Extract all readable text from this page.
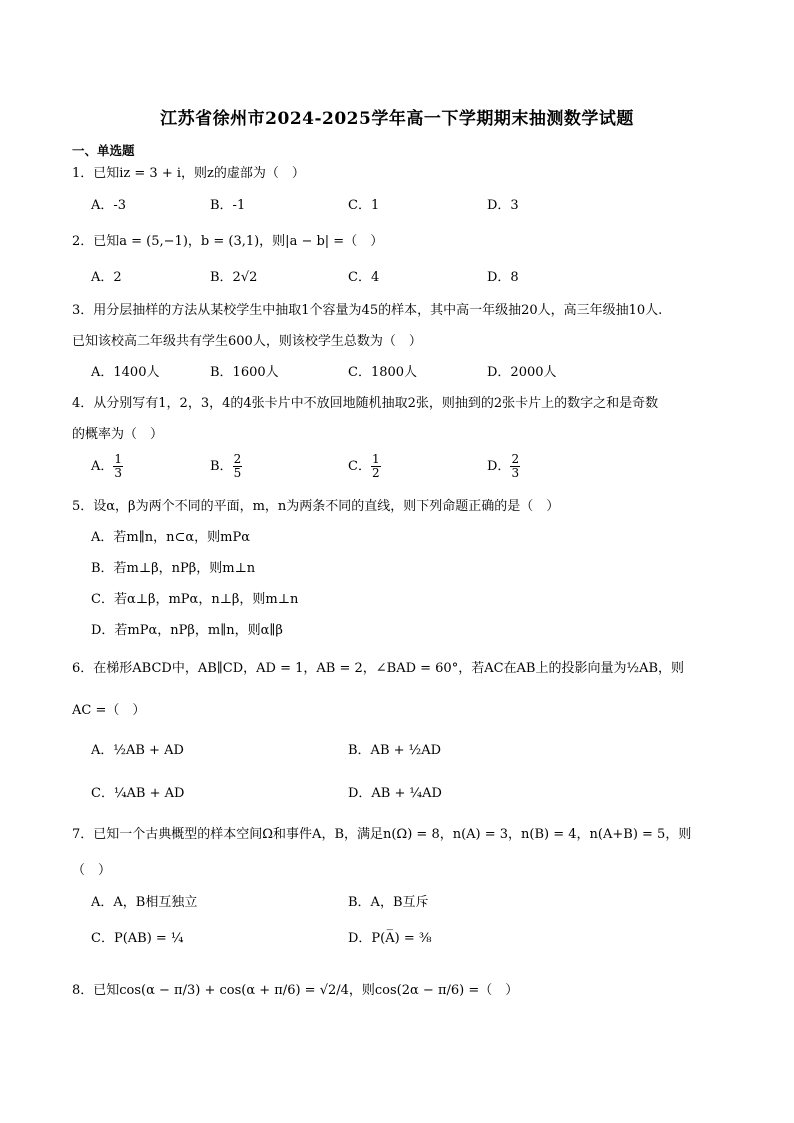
江苏省徐州市2024-2025学年高一下学期期末抽测数学试题
一、单选题
1．已知iz = 3 + i，则z的虚部为（　）
A．-3	B．-1	C．1	D．3
2．已知a = (5,−1)，b = (3,1)，则|a − b| =（　）
A．2	B．2√2	C．4	D．8
3．用分层抽样的方法从某校学生中抽取1个容量为45的样本，其中高一年级抽20人，高三年级抽10人.
已知该校高二年级共有学生600人，则该校学生总数为（　）
A．1400人	B．1600人	C．1800人	D．2000人
4．从分别写有1，2，3，4的4张卡片中不放回地随机抽取2张，则抽到的2张卡片上的数字之和是奇数
的概率为（　）
A． $\frac{1}{3}$	B． $\frac{2}{5}$	C． $\frac{1}{2}$	D． $\frac{2}{3}$
5．设α，β为两个不同的平面，m，n为两条不同的直线，则下列命题正确的是（　）
A．若m∥n，n⊂α，则mPα
B．若m⊥β，nPβ，则m⊥n
C．若α⊥β，mPα，n⊥β，则m⊥n
D．若mPα，nPβ，m∥n，则α∥β
6．在梯形ABCD中，AB∥CD，AD = 1，AB = 2，∠BAD = 60°，若AC在AB上的投影向量为½AB，则
AC =（　）
A．½AB + AD	B．AB + ½AD
C．¼AB + AD	D．AB + ¼AD
7．已知一个古典概型的样本空间Ω和事件A，B，满足n(Ω) = 8，n(A) = 3，n(B) = 4，n(A+B) = 5，则
（　）
A．A，B相互独立	B．A，B互斥
C．P(AB) = ¼	D．P(A̅) = ⅜
8．已知cos(α − π/3) + cos(α + π/6) = √2/4，则cos(2α − π/6) =（　）
